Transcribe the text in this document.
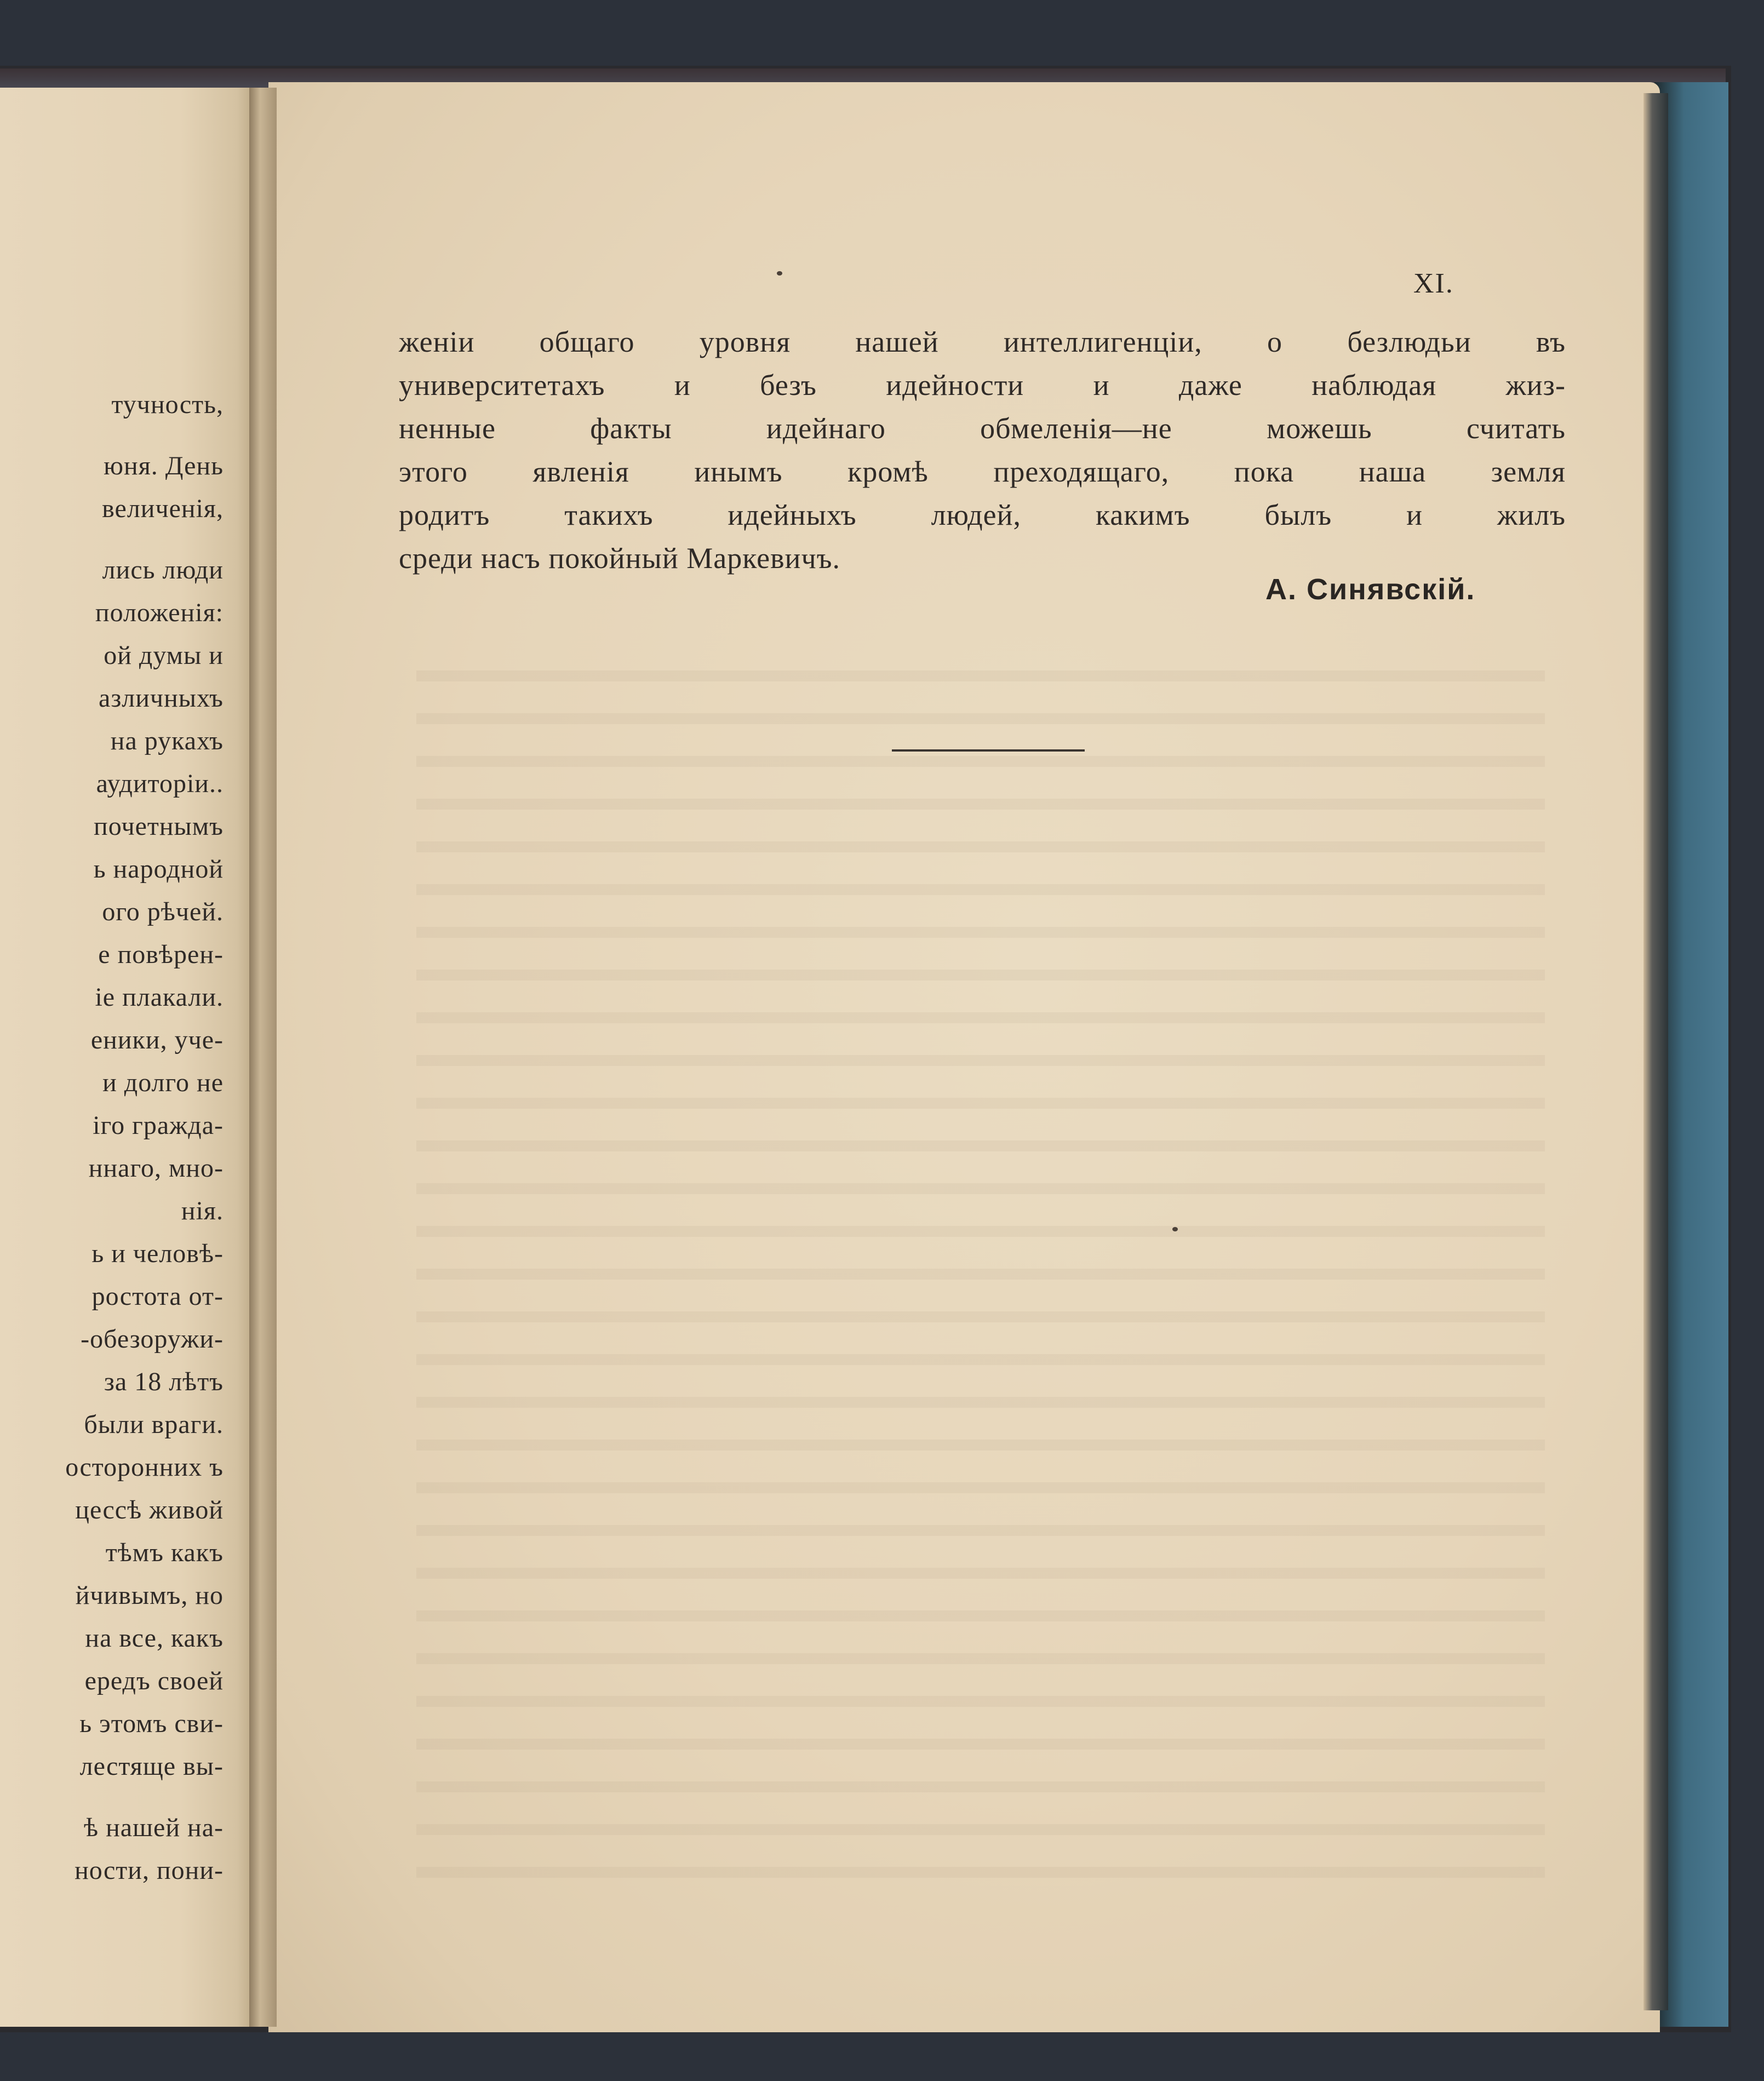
тучность,
юня. День
величенія,
лись люди
положенія:
ой думы и
азличныхъ
на рукахъ
аудиторіи..
почетнымъ
ь народной
ого рѣчей.
е повѣрен-
іе плакали.
еники, уче-
и долго не
іго гражда-
ннаго, мно-
нія.
ь и человѣ-
ростота от-
-обезоружи-
за 18 лѣтъ
были враги.
осторонних ъ
цессѣ живой
тѣмъ какъ
йчивымъ, но
на все, какъ
ередъ своей
ь этомъ сви-
лестяще вы-
ѣ нашей на-
ности, пони-
XI.
женіи общаго уровня нашей интеллигенціи, о безлюдьи въ
университетахъ и безъ идейности и даже наблюдая жиз-
ненные факты идейнаго обмеленія—не можешь считать
этого явленія инымъ кромѣ преходящаго, пока наша земля
родитъ такихъ идейныхъ людей, какимъ былъ и жилъ
среди насъ покойный Маркевичъ.
А. Синявскій.
